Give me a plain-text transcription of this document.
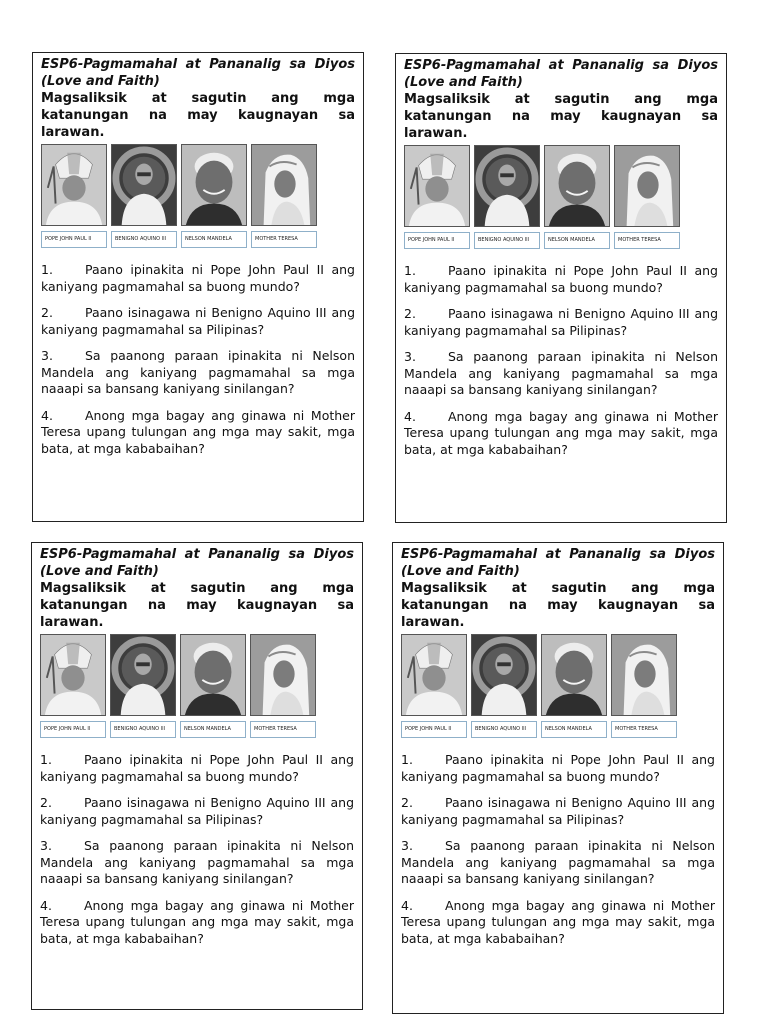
ESP6-Pagmamahal at Pananalig sa Diyos (Love and Faith)

Magsaliksik at sagutin ang mga katanungan na may kaugnayan sa larawan.

POPE JOHN PAUL II	BENIGNO AQUINO III	NELSON MANDELA	MOTHER TERESA

1.	Paano ipinakita ni Pope John Paul II ang kaniyang pagmamahal sa buong mundo?

2.	Paano isinagawa ni Benigno Aquino III ang kaniyang pagmamahal sa Pilipinas?

3.	Sa paanong paraan ipinakita ni Nelson Mandela ang kaniyang pagmamahal sa mga naaapi sa bansang kaniyang sinilangan?

4.	Anong mga bagay ang ginawa ni Mother Teresa upang tulungan ang mga may sakit, mga bata, at mga kababaihan?

ESP6-Pagmamahal at Pananalig sa Diyos (Love and Faith)

Magsaliksik at sagutin ang mga katanungan na may kaugnayan sa larawan.

POPE JOHN PAUL II	BENIGNO AQUINO III	NELSON MANDELA	MOTHER TERESA

1.	Paano ipinakita ni Pope John Paul II ang kaniyang pagmamahal sa buong mundo?

2.	Paano isinagawa ni Benigno Aquino III ang kaniyang pagmamahal sa Pilipinas?

3.	Sa paanong paraan ipinakita ni Nelson Mandela ang kaniyang pagmamahal sa mga naaapi sa bansang kaniyang sinilangan?

4.	Anong mga bagay ang ginawa ni Mother Teresa upang tulungan ang mga may sakit, mga bata, at mga kababaihan?

ESP6-Pagmamahal at Pananalig sa Diyos (Love and Faith)

Magsaliksik at sagutin ang mga katanungan na may kaugnayan sa larawan.

POPE JOHN PAUL II	BENIGNO AQUINO III	NELSON MANDELA	MOTHER TERESA

1.	Paano ipinakita ni Pope John Paul II ang kaniyang pagmamahal sa buong mundo?

2.	Paano isinagawa ni Benigno Aquino III ang kaniyang pagmamahal sa Pilipinas?

3.	Sa paanong paraan ipinakita ni Nelson Mandela ang kaniyang pagmamahal sa mga naaapi sa bansang kaniyang sinilangan?

4.	Anong mga bagay ang ginawa ni Mother Teresa upang tulungan ang mga may sakit, mga bata, at mga kababaihan?

ESP6-Pagmamahal at Pananalig sa Diyos (Love and Faith)

Magsaliksik at sagutin ang mga katanungan na may kaugnayan sa larawan.

POPE JOHN PAUL II	BENIGNO AQUINO III	NELSON MANDELA	MOTHER TERESA

1.	Paano ipinakita ni Pope John Paul II ang kaniyang pagmamahal sa buong mundo?

2.	Paano isinagawa ni Benigno Aquino III ang kaniyang pagmamahal sa Pilipinas?

3.	Sa paanong paraan ipinakita ni Nelson Mandela ang kaniyang pagmamahal sa mga naaapi sa bansang kaniyang sinilangan?

4.	Anong mga bagay ang ginawa ni Mother Teresa upang tulungan ang mga may sakit, mga bata, at mga kababaihan?
